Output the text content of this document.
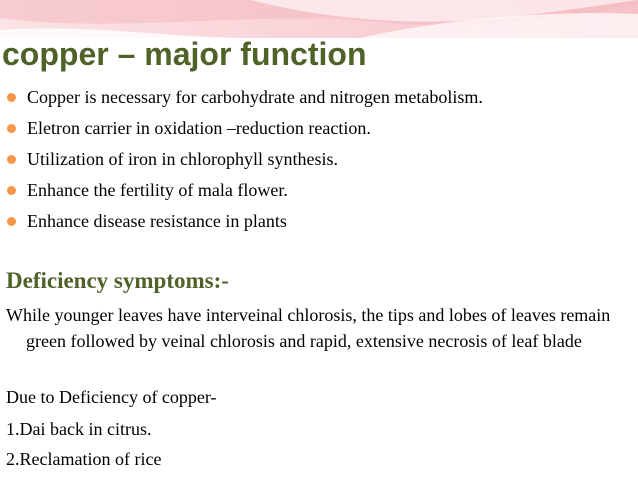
copper – major function
Copper is necessary for carbohydrate and nitrogen metabolism.
Eletron carrier in oxidation –reduction reaction.
Utilization of iron in chlorophyll synthesis.
Enhance the fertility of mala flower.
Enhance disease resistance in plants
Deficiency symptoms:-

While younger leaves have interveinal chlorosis, the tips and lobes of leaves remain green followed by veinal chlorosis and rapid, extensive necrosis of leaf blade

Due to Deficiency of copper-

1.Dai back in citrus.

2.Reclamation of rice
